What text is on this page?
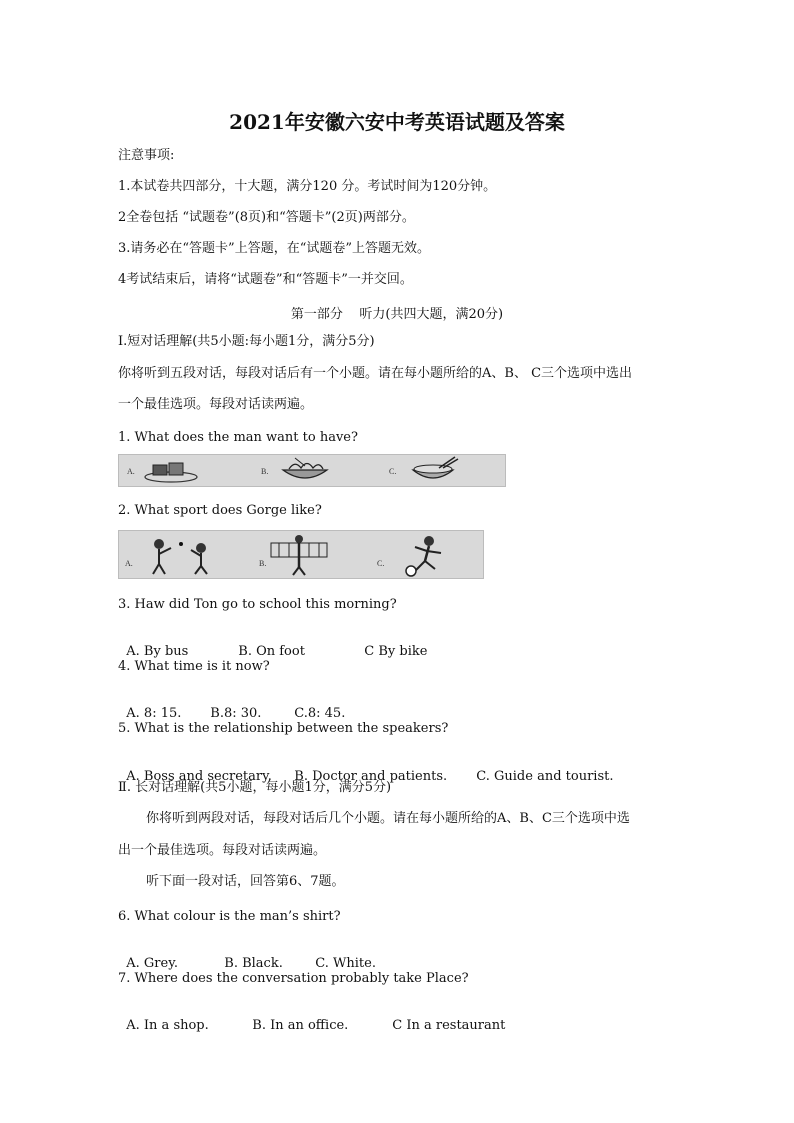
2021年安徽六安中考英语试题及答案
注意事项:
1.本试卷共四部分，十大题，满分120 分。考试时间为120分钟。
2全卷包括 “试题卷”(8页)和“答题卡”(2页)两部分。
3.请务必在“答题卡”上答题，在“试题卷”上答题无效。
4考试结束后，请将“试题卷”和“答题卡”一并交回。
第一部分    听力(共四大题，满20分)
Ⅰ.短对话理解(共5小题:每小题1分，满分5分)
你将听到五段对话，每段对话后有一个小题。请在每小题所给的A、B、 C三个选项中选出
一个最佳选项。每段对话读两遍。
1. What does the man want to have?
A.	B.	C.
2. What sport does Gorge like?
A.	B.	C.
3. Haw did Ton go to school this morning?

A. By bus	B. On foot	C By bike

4. What time is it now?

A. 8: 15. B.8: 30.	C.8: 45.

5. What is the relationship between the speakers?

A. Boss and secretary. B. Doctor and patients. C. Guide and tourist.

Ⅱ. 长对话理解(共5小题，每小题1分，满分5分)
你将听到两段对话，每段对话后几个小题。请在每小题所给的A、B、C三个选项中选
出一个最佳选项。每段对话读两遍。
听下面一段对话，回答第6、7题。
6. What colour is the man’s shirt?

A. Grey.	B. Black. C. White.

7. Where does the conversation probably take Place?

A. In a shop.	B. In an office.	C In a restaurant
